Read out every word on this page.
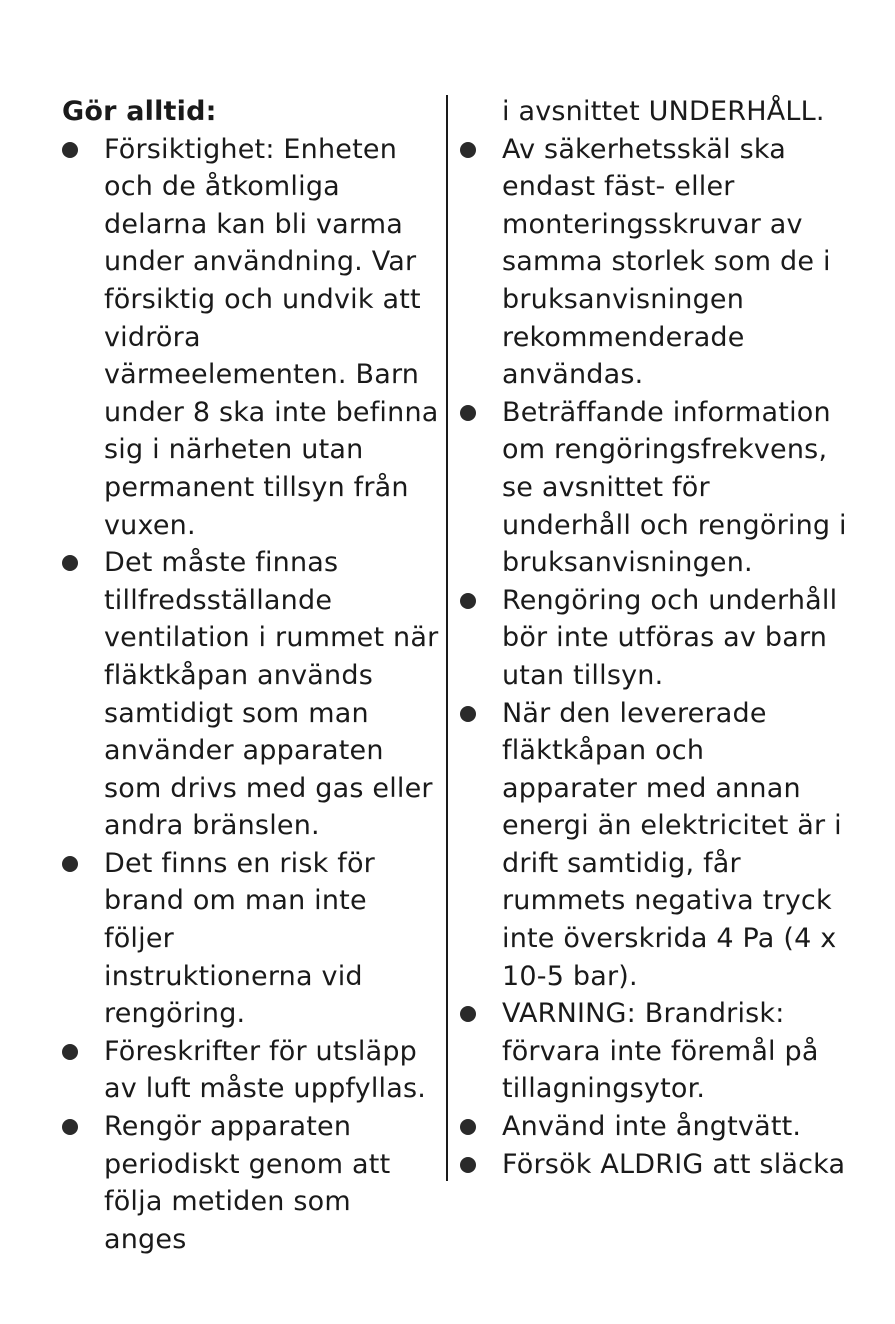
Gör alltid:
Försiktighet: Enheten
och de åtkomliga
delarna kan bli varma
under användning. Var
försiktig och undvik att
vidröra
värmeelementen. Barn
under 8 ska inte befinna
sig i närheten utan
permanent tillsyn från
vuxen.
Det måste finnas
tillfredsställande
ventilation i rummet när
fläktkåpan används
samtidigt som man
använder apparaten
som drivs med gas eller
andra bränslen.
Det finns en risk för
brand om man inte följer
instruktionerna vid
rengöring.
Föreskrifter för utsläpp
av luft måste uppfyllas.
Rengör apparaten
periodiskt genom att
följa metiden som anges
i avsnittet UNDERHÅLL.
Av säkerhetsskäl ska
endast fäst- eller
monteringsskruvar av
samma storlek som de i
bruksanvisningen
rekommenderade
användas.
Beträffande information
om rengöringsfrekvens,
se avsnittet för
underhåll och rengöring i
bruksanvisningen.
Rengöring och underhåll
bör inte utföras av barn
utan tillsyn.
När den levererade
fläktkåpan och
apparater med annan
energi än elektricitet är i
drift samtidig, får
rummets negativa tryck
inte överskrida 4 Pa (4 x
10-5 bar).
VARNING: Brandrisk:
förvara inte föremål på
tillagningsytor.
Använd inte ångtvätt.
Försök ALDRIG att släcka
